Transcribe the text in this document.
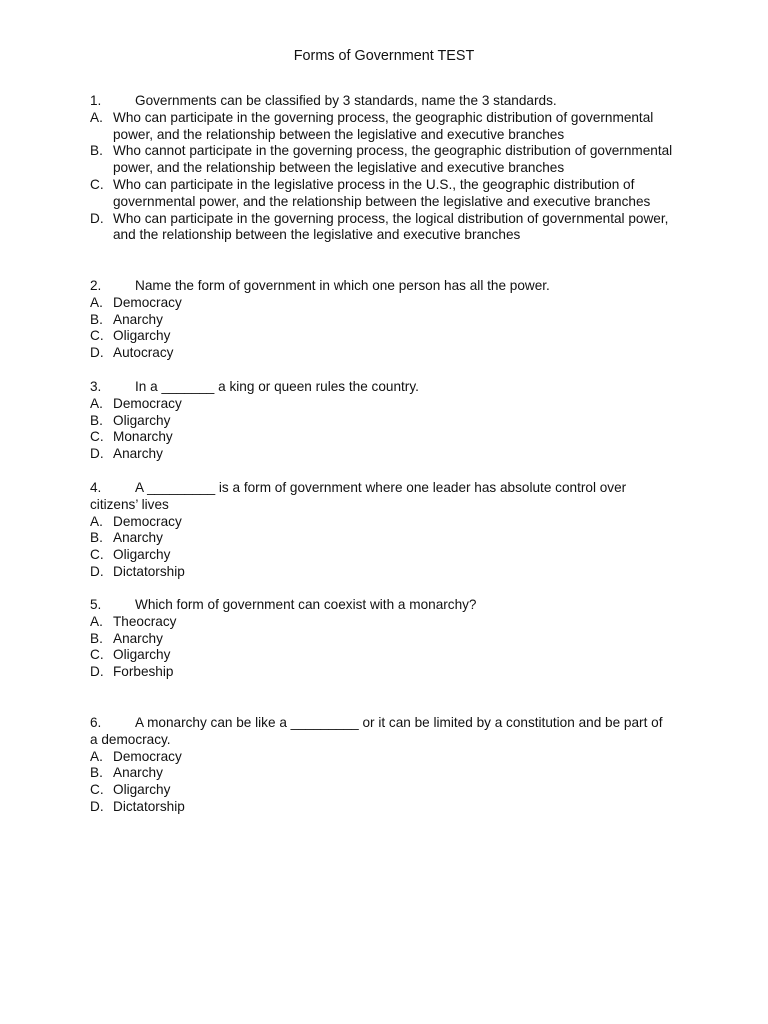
Forms of Government TEST
1. Governments can be classified by 3 standards, name the 3 standards.
A. Who can participate in the governing process, the geographic distribution of governmental power, and the relationship between the legislative and executive branches
B. Who cannot participate in the governing process, the geographic distribution of governmental power, and the relationship between the legislative and executive branches
C. Who can participate in the legislative process in the U.S., the geographic distribution of governmental power, and the relationship between the legislative and executive branches
D. Who can participate in the governing process, the logical distribution of governmental power, and the relationship between the legislative and executive branches
2. Name the form of government in which one person has all the power.
A. Democracy
B. Anarchy
C. Oligarchy
D. Autocracy
3. In a _______ a king or queen rules the country.
A. Democracy
B. Oligarchy
C. Monarchy
D. Anarchy
4. A _________ is a form of government where one leader has absolute control over
citizens’ lives
A. Democracy
B. Anarchy
C. Oligarchy
D. Dictatorship
5. Which form of government can coexist with a monarchy?
A. Theocracy
B. Anarchy
C. Oligarchy
D. Forbeship
6. A monarchy can be like a _________ or it can be limited by a constitution and be part of
a democracy.
A. Democracy
B. Anarchy
C. Oligarchy
D. Dictatorship
